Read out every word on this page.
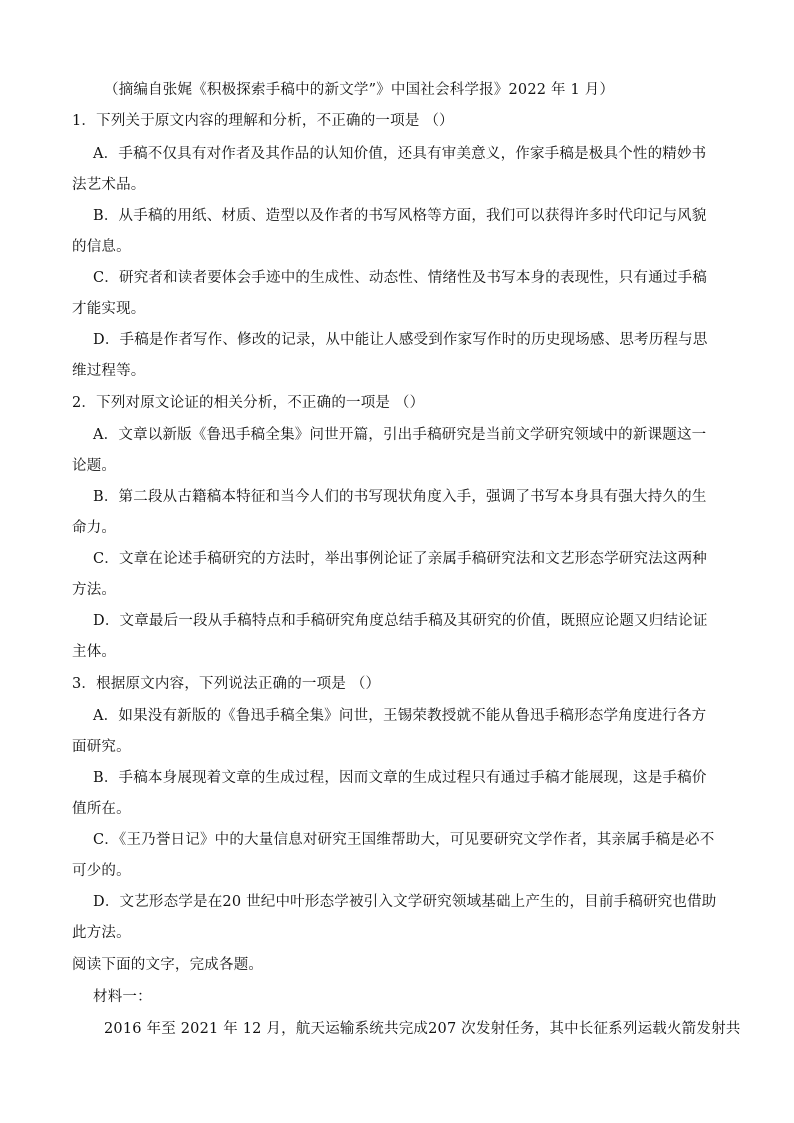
（摘编自张娓《积极探索手稿中的新文学”》中国社会科学报》2022 年 1 月）
1．下列关于原文内容的理解和分析，不正确的一项是 （）
A．手稿不仅具有对作者及其作品的认知价值，还具有审美意义，作家手稿是极具个性的精妙书
法艺术品。
B．从手稿的用纸、材质、造型以及作者的书写风格等方面，我们可以获得许多时代印记与风貌
的信息。
C．研究者和读者要体会手迹中的生成性、动态性、情绪性及书写本身的表现性，只有通过手稿
才能实现。
D．手稿是作者写作、修改的记录，从中能让人感受到作家写作时的历史现场感、思考历程与思
维过程等。
2．下列对原文论证的相关分析，不正确的一项是 （）
A．文章以新版《鲁迅手稿全集》问世开篇，引出手稿研究是当前文学研究领域中的新课题这一
论题。
B．第二段从古籍稿本特征和当今人们的书写现状角度入手，强调了书写本身具有强大持久的生
命力。
C．文章在论述手稿研究的方法时，举出事例论证了亲属手稿研究法和文艺形态学研究法这两种
方法。
D．文章最后一段从手稿特点和手稿研究角度总结手稿及其研究的价值，既照应论题又归结论证
主体。
3．根据原文内容，下列说法正确的一项是 （）
A．如果没有新版的《鲁迅手稿全集》问世，王锡荣教授就不能从鲁迅手稿形态学角度进行各方
面研究。
B．手稿本身展现着文章的生成过程，因而文章的生成过程只有通过手稿才能展现，这是手稿价
值所在。
C．《王乃誉日记》中的大量信息对研究王国维帮助大，可见要研究文学作者，其亲属手稿是必不
可少的。
D．文艺形态学是在20 世纪中叶形态学被引入文学研究领域基础上产生的，目前手稿研究也借助
此方法。
阅读下面的文字，完成各题。
材料一：
2016 年至 2021 年 12 月，航天运输系统共完成207 次发射任务，其中长征系列运载火箭发射共
